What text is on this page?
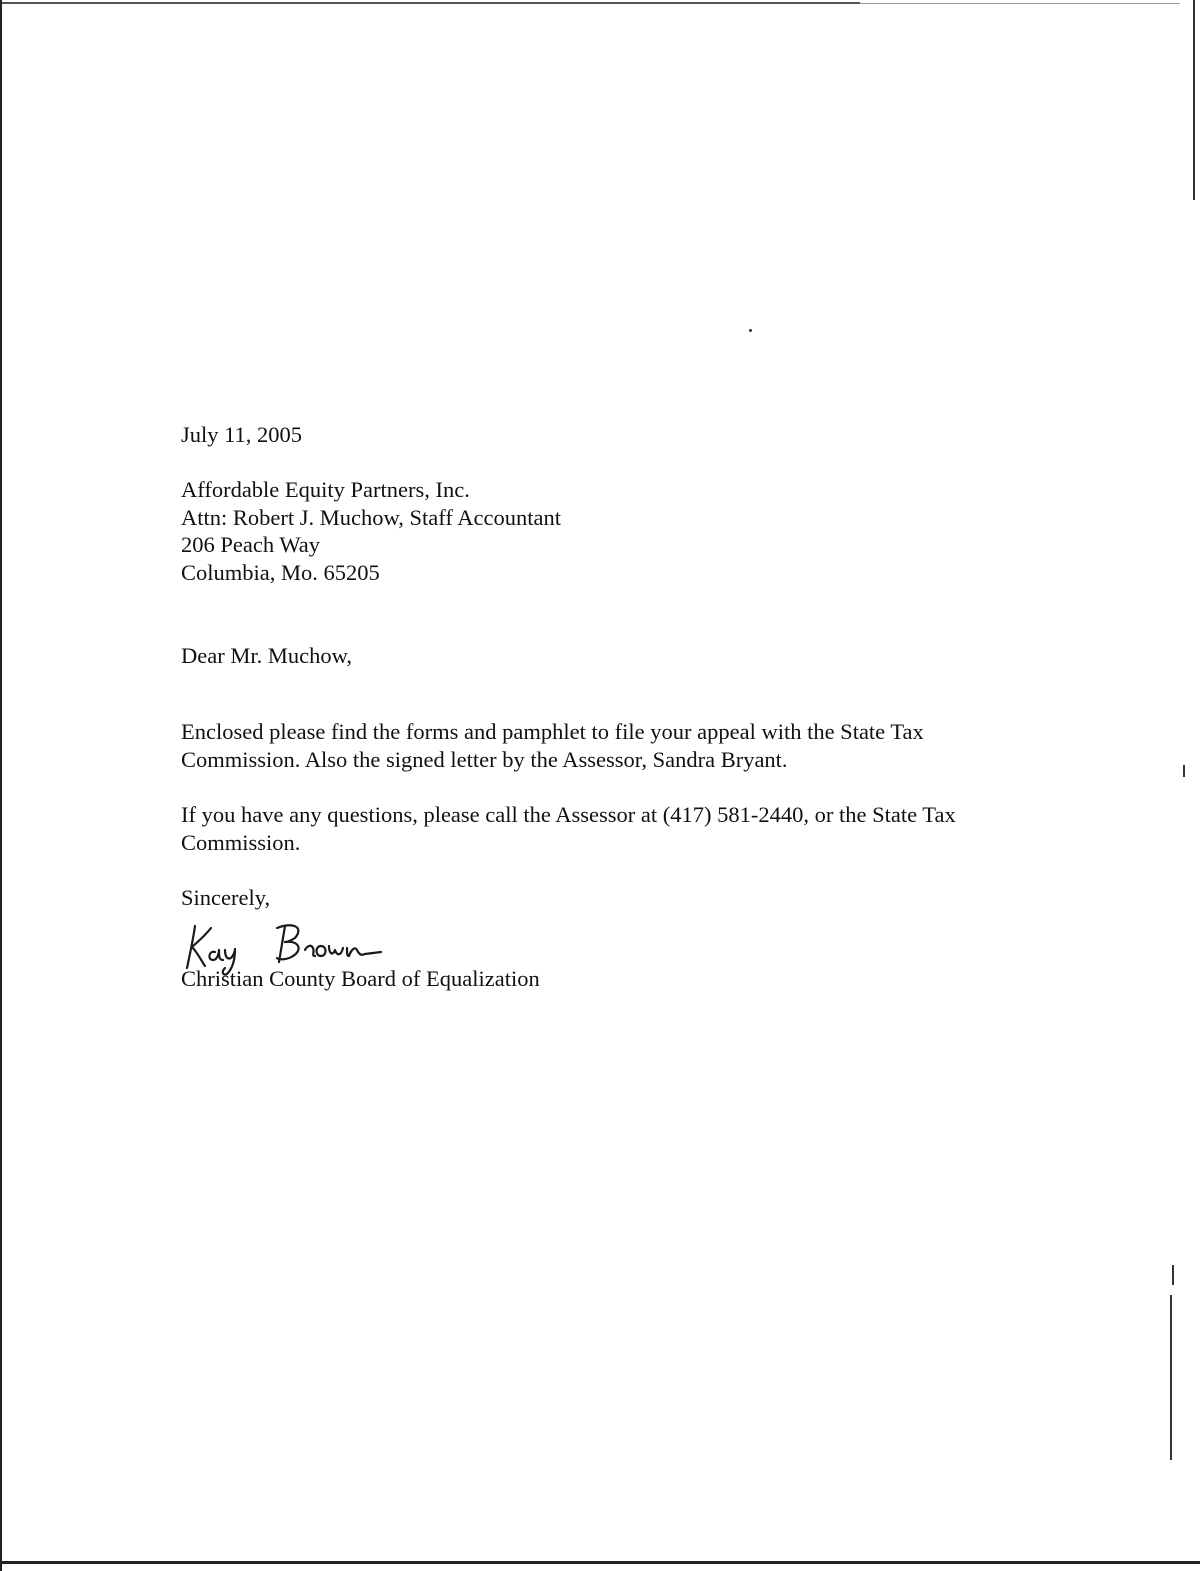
July 11, 2005
Affordable Equity Partners, Inc.
Attn: Robert J. Muchow, Staff Accountant
206 Peach Way
Columbia, Mo. 65205
Dear Mr. Muchow,
Enclosed please find the forms and pamphlet to file your appeal with the State Tax
Commission. Also the signed letter by the Assessor, Sandra Bryant.
If you have any questions, please call the Assessor at (417) 581-2440, or the State Tax
Commission.
Sincerely,
Christian County Board of Equalization
